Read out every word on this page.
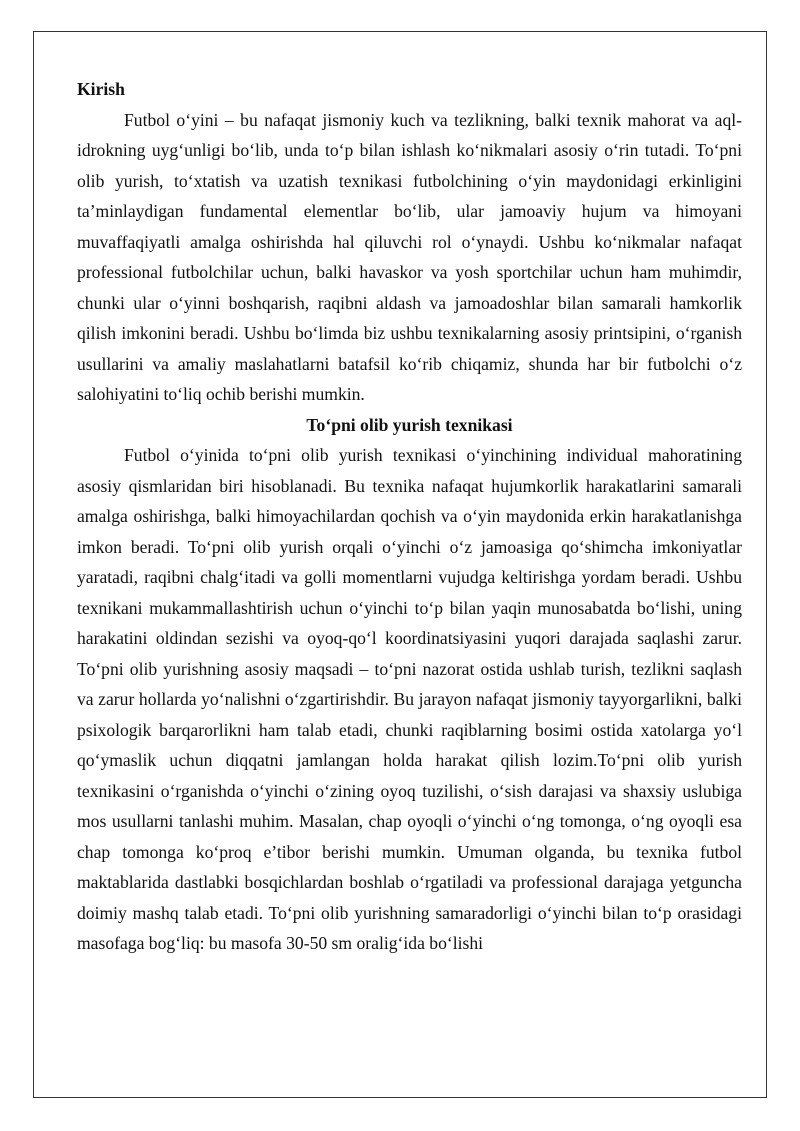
Kirish

Futbol o‘yini – bu nafaqat jismoniy kuch va tezlikning, balki texnik mahorat va aql-idrokning uyg‘unligi bo‘lib, unda to‘p bilan ishlash ko‘nikmalari asosiy o‘rin tutadi. To‘pni olib yurish, to‘xtatish va uzatish texnikasi futbolchining o‘yin maydonidagi erkinligini ta’minlaydigan fundamental elementlar bo‘lib, ular jamoaviy hujum va himoyani muvaffaqiyatli amalga oshirishda hal qiluvchi rol o‘ynaydi. Ushbu ko‘nikmalar nafaqat professional futbolchilar uchun, balki havaskor va yosh sportchilar uchun ham muhimdir, chunki ular o‘yinni boshqarish, raqibni aldash va jamoadoshlar bilan samarali hamkorlik qilish imkonini beradi. Ushbu bo‘limda biz ushbu texnikalarning asosiy printsipini, o‘rganish usullarini va amaliy maslahatlarni batafsil ko‘rib chiqamiz, shunda har bir futbolchi o‘z salohiyatini to‘liq ochib berishi mumkin.

To‘pni olib yurish texnikasi

Futbol o‘yinida to‘pni olib yurish texnikasi o‘yinchining individual mahoratining asosiy qismlaridan biri hisoblanadi. Bu texnika nafaqat hujumkorlik harakatlarini samarali amalga oshirishga, balki himoyachilardan qochish va o‘yin maydonida erkin harakatlanishga imkon beradi. To‘pni olib yurish orqali o‘yinchi o‘z jamoasiga qo‘shimcha imkoniyatlar yaratadi, raqibni chalg‘itadi va golli momentlarni vujudga keltirishga yordam beradi. Ushbu texnikani mukammallashtirish uchun o‘yinchi to‘p bilan yaqin munosabatda bo‘lishi, uning harakatini oldindan sezishi va oyoq-qo‘l koordinatsiyasini yuqori darajada saqlashi zarur. To‘pni olib yurishning asosiy maqsadi – to‘pni nazorat ostida ushlab turish, tezlikni saqlash va zarur hollarda yo‘nalishni o‘zgartirishdir. Bu jarayon nafaqat jismoniy tayyorgarlikni, balki psixologik barqarorlikni ham talab etadi, chunki raqiblarning bosimi ostida xatolarga yo‘l qo‘ymaslik uchun diqqatni jamlangan holda harakat qilish lozim.To‘pni olib yurish texnikasini o‘rganishda o‘yinchi o‘zining oyoq tuzilishi, o‘sish darajasi va shaxsiy uslubiga mos usullarni tanlashi muhim. Masalan, chap oyoqli o‘yinchi o‘ng tomonga, o‘ng oyoqli esa chap tomonga ko‘proq e’tibor berishi mumkin. Umuman olganda, bu texnika futbol maktablarida dastlabki bosqichlardan boshlab o‘rgatiladi va professional darajaga yetguncha doimiy mashq talab etadi. To‘pni olib yurishning samaradorligi o‘yinchi bilan to‘p orasidagi masofaga bog‘liq: bu masofa 30-50 sm oralig‘ida bo‘lishi
